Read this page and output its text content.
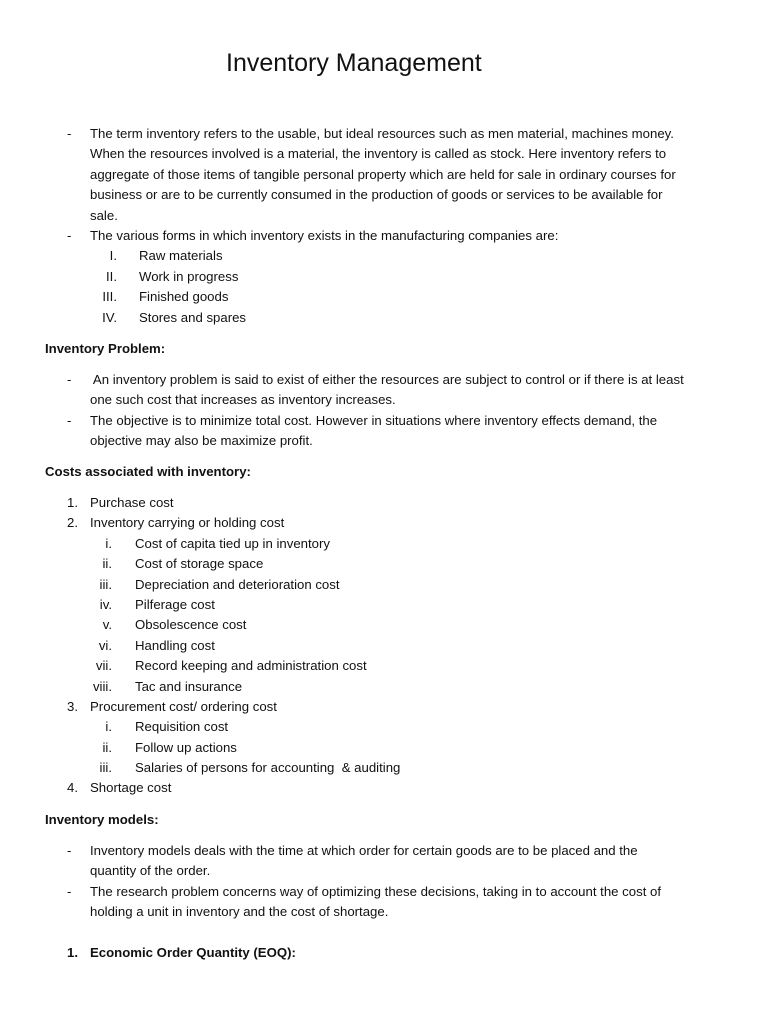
Inventory Management
- The term inventory refers to the usable, but ideal resources such as men material, machines money.
When the resources involved is a material, the inventory is called as stock. Here inventory refers to
aggregate of those items of tangible personal property which are held for sale in ordinary courses for
business or are to be currently consumed in the production of goods or services to be available for
sale.
- The various forms in which inventory exists in the manufacturing companies are:
I. Raw materials
II. Work in progress
III. Finished goods
IV. Stores and spares
Inventory Problem:
- An inventory problem is said to exist of either the resources are subject to control or if there is at least
one such cost that increases as inventory increases.
- The objective is to minimize total cost. However in situations where inventory effects demand, the
objective may also be maximize profit.
Costs associated with inventory:
1. Purchase cost
2. Inventory carrying or holding cost
i. Cost of capita tied up in inventory
ii. Cost of storage space
iii. Depreciation and deterioration cost
iv. Pilferage cost
v. Obsolescence cost
vi. Handling cost
vii. Record keeping and administration cost
viii. Tac and insurance
3. Procurement cost/ ordering cost
i. Requisition cost
ii. Follow up actions
iii. Salaries of persons for accounting  & auditing
4. Shortage cost
Inventory models:
- Inventory models deals with the time at which order for certain goods are to be placed and the
quantity of the order.
- The research problem concerns way of optimizing these decisions, taking in to account the cost of
holding a unit in inventory and the cost of shortage.
1. Economic Order Quantity (EOQ):
